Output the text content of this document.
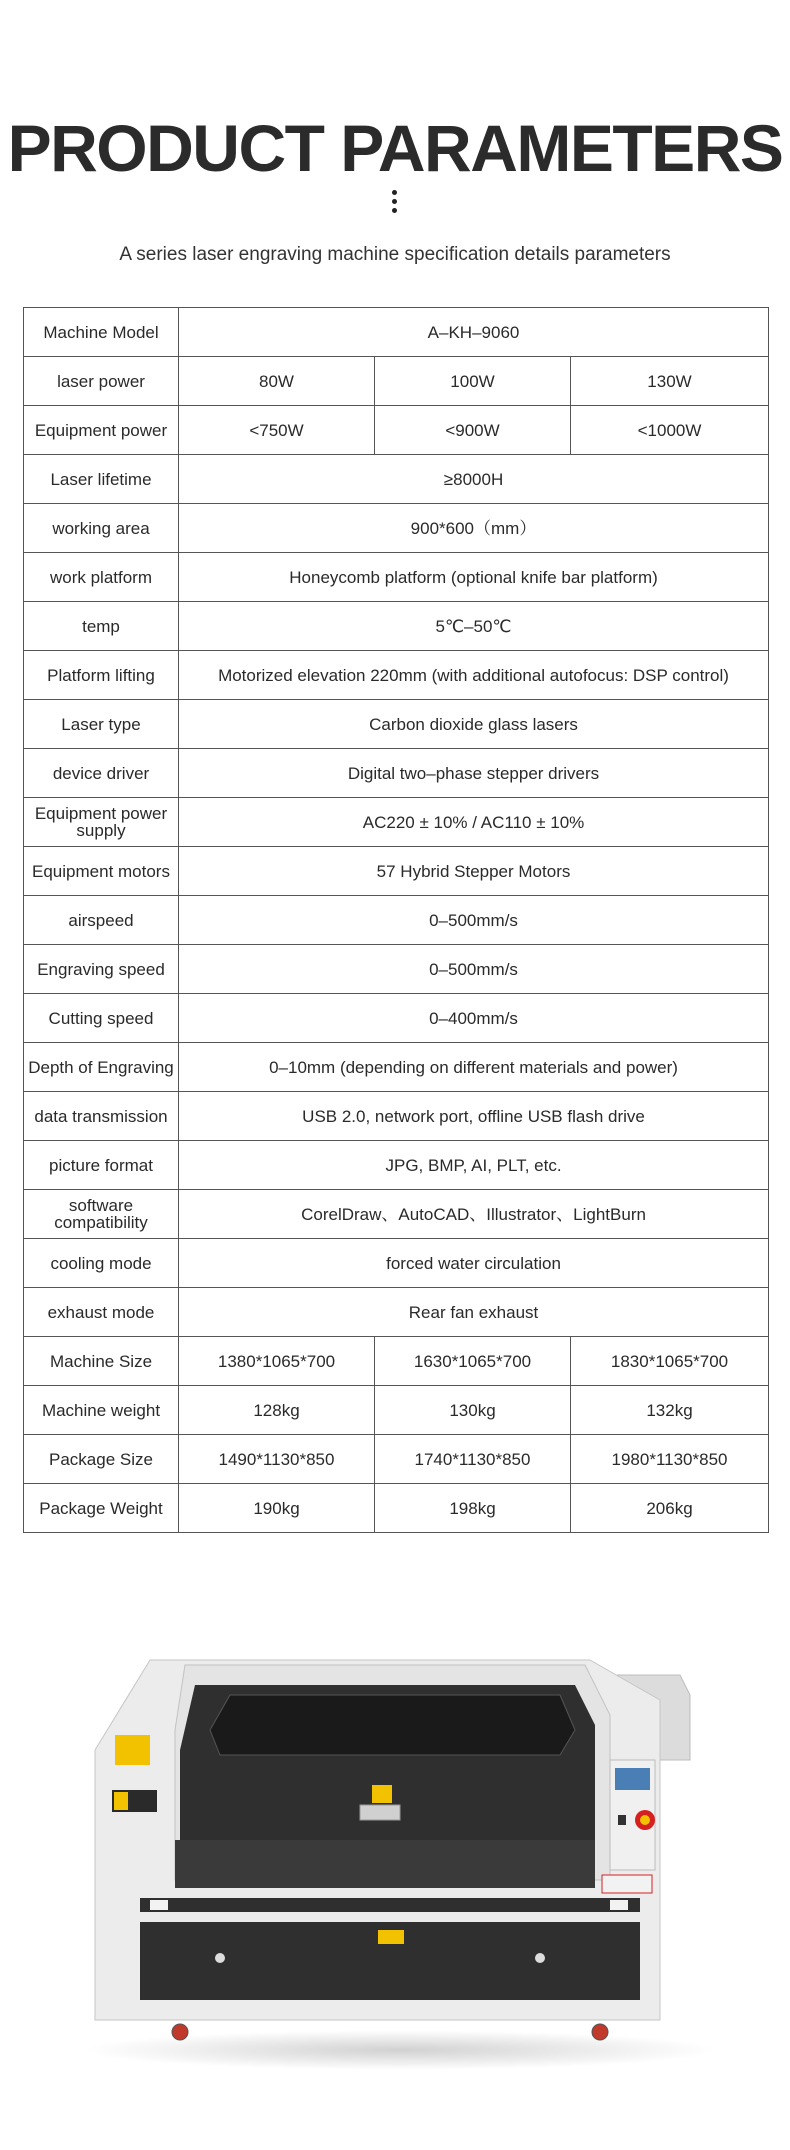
PRODUCT PARAMETERS
A series laser engraving machine specification details parameters
Machine Model	A–KH–9060		
laser power	80W	100W	130W
Equipment power	<750W	<900W	<1000W
Laser lifetime	≥8000H		
working area	900*600（mm）		
work platform	Honeycomb platform (optional knife bar platform)		
temp	5℃–50℃		
Platform lifting	Motorized elevation 220mm (with additional autofocus: DSP control)		
Laser type	Carbon dioxide glass lasers		
device driver	Digital two–phase stepper drivers		
Equipment power supply	AC220 ± 10% / AC110 ± 10%		
Equipment motors	57 Hybrid Stepper Motors		
airspeed	0–500mm/s		
Engraving speed	0–500mm/s		
Cutting speed	0–400mm/s		
Depth of Engraving	0–10mm (depending on different materials and power)		
data transmission	USB 2.0, network port, offline USB flash drive		
picture format	JPG, BMP, AI, PLT, etc.		
software compatibility	CorelDraw、AutoCAD、Illustrator、LightBurn		
cooling mode	forced water circulation		
exhaust mode	Rear fan exhaust		
Machine Size	1380*1065*700	1630*1065*700	1830*1065*700
Machine weight	128kg	130kg	132kg
Package Size	1490*1130*850	1740*1130*850	1980*1130*850
Package Weight	190kg	198kg	206kg
